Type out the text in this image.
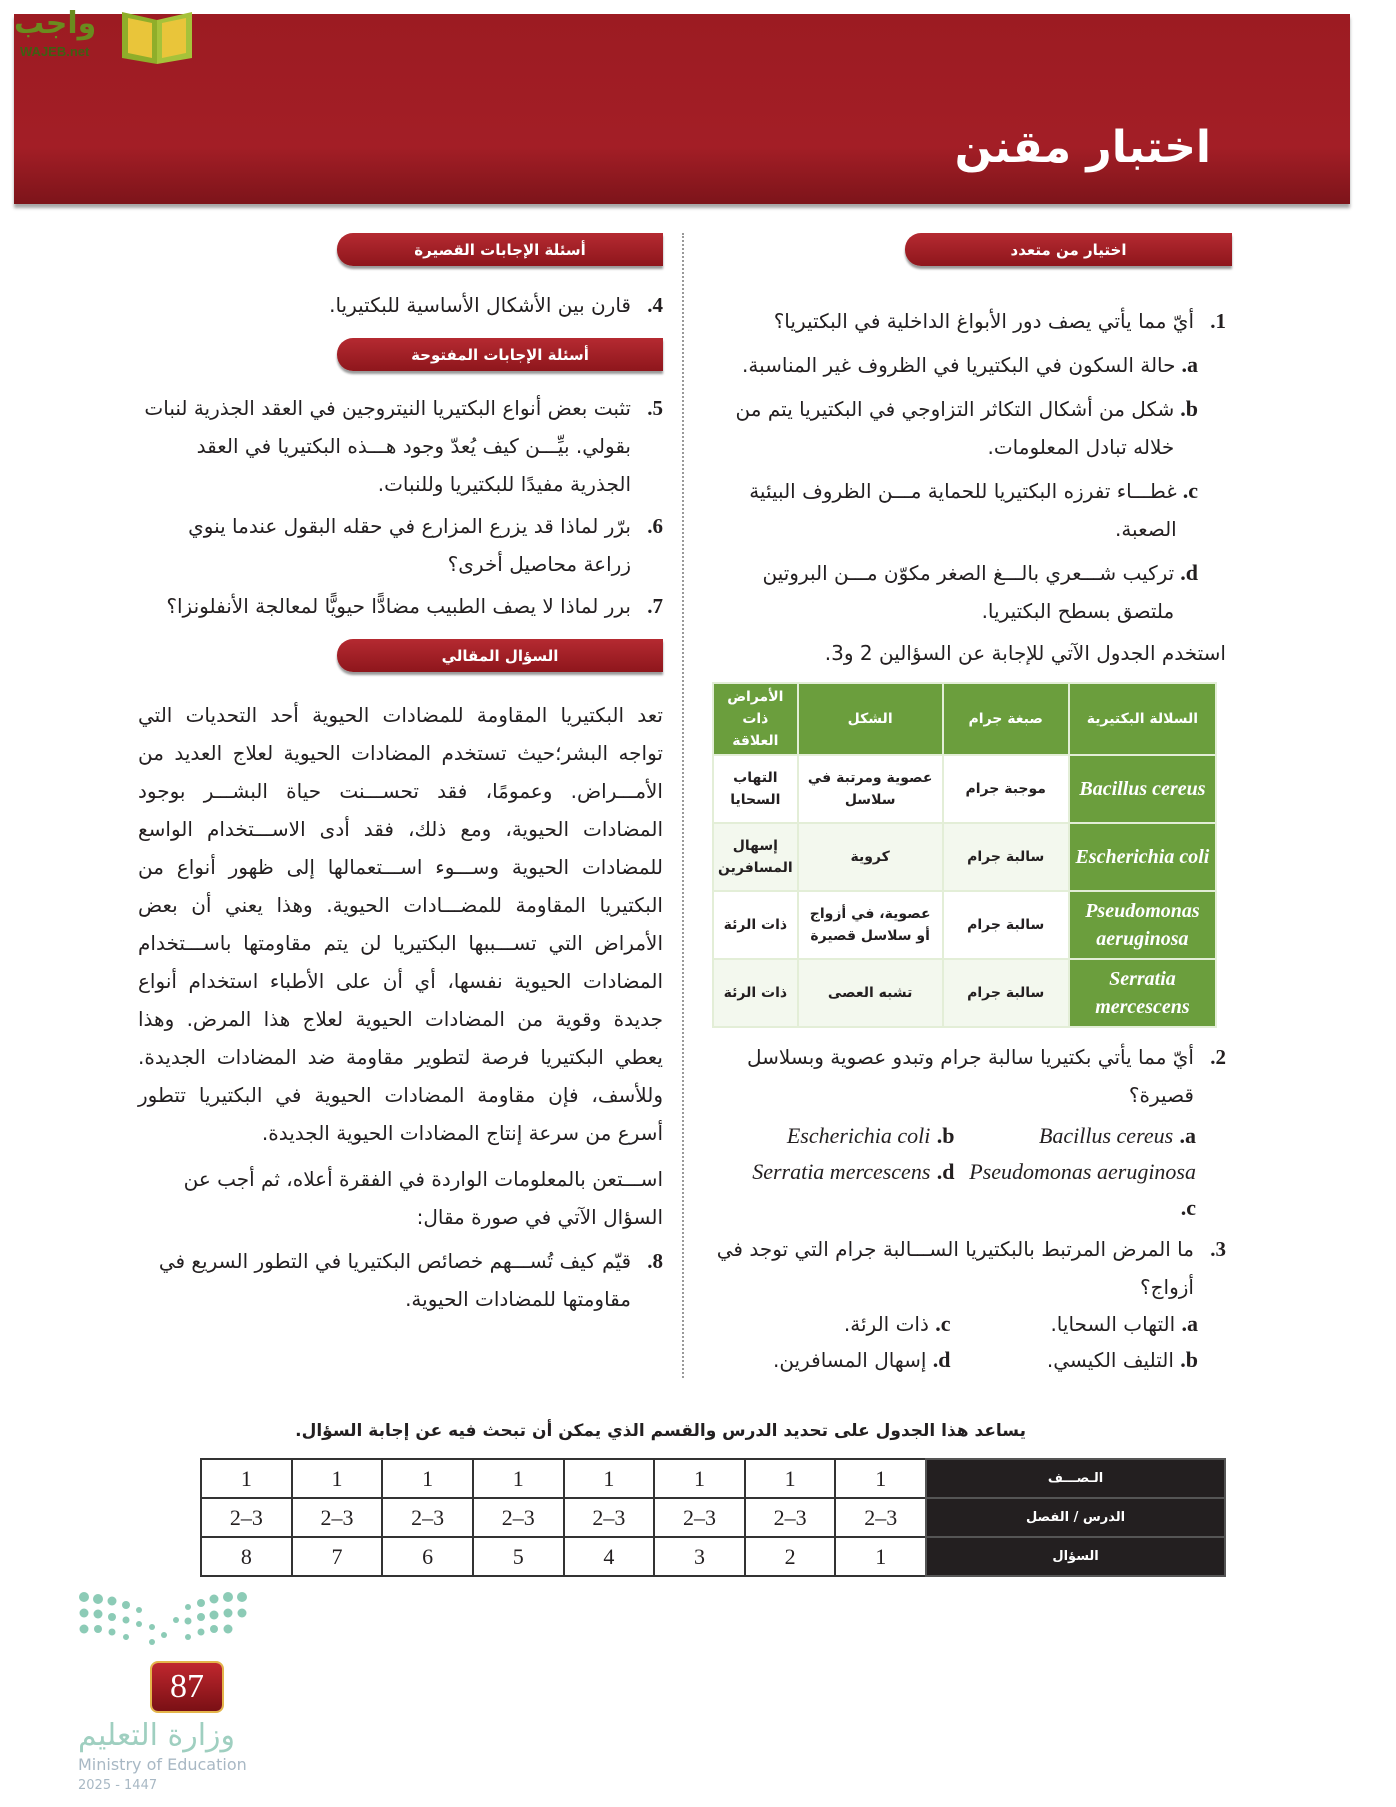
اختبار مقنن
واجب
WAJEB.net
اختيار من متعدد
1.
أيّ مما يأتي يصف دور الأبواغ الداخلية في البكتيريا؟
a.
حالة السكون في البكتيريا في الظروف غير المناسبة.
b.
شكل من أشكال التكاثر التزاوجي في البكتيريا يتم من خلاله تبادل المعلومات.
c.
غطـــاء تفرزه البكتيريا للحماية مـــن الظروف البيئية الصعبة.
d.
تركيب شـــعري بالـــغ الصغر مكوّن مـــن البروتين ملتصق بسطح البكتيريا.
استخدم الجدول الآتي للإجابة عن السؤالين 2 و3.
السلالة البكتيرية	صبغة جرام	الشكل	الأمراض ذات العلاقة
Bacillus cereus	موجبة جرام	عصوية ومرتبة في سلاسل	التهاب السحايا
Escherichia coli	سالبة جرام	كروية	إسهال المسافرين
Pseudomonas aeruginosa	سالبة جرام	عصوية، في أزواج أو سلاسل قصيرة	ذات الرئة
Serratia mercescens	سالبة جرام	تشبه العصى	ذات الرئة
2.
أيّ مما يأتي بكتيريا سالبة جرام وتبدو عصوية وبسلاسل قصيرة؟
Escherichia coli .b	Bacillus cereus .a
Serratia mercescens .d Pseudomonas aeruginosa .c
3.
ما المرض المرتبط بالبكتيريا الســـالبة جرام التي توجد في أزواج؟
a. التهاب السحايا.
c. ذات الرئة.
b. التليف الكيسي.
d. إسهال المسافرين.
أسئلة الإجابات القصيرة
4.
قارن بين الأشكال الأساسية للبكتيريا.
أسئلة الإجابات المفتوحة
5.
تثبت بعض أنواع البكتيريا النيتروجين في العقد الجذرية لنبات بقولي. بيِّـــن كيف يُعدّ وجود هـــذه البكتيريا في العقد الجذرية مفيدًا للبكتيريا وللنبات.
6.
برّر لماذا قد يزرع المزارع في حقله البقول عندما ينوي زراعة محاصيل أخرى؟
7.
برر لماذا لا يصف الطبيب مضادًّا حيويًّا لمعالجة الأنفلونزا؟
السؤال المقالي
تعد البكتيريا المقاومة للمضادات الحيوية أحد التحديات التي تواجه البشر؛حيث تستخدم المضادات الحيوية لعلاج العديد من الأمـــراض. وعمومًا، فقد تحســـنت حياة البشـــر بوجود المضادات الحيوية، ومع ذلك، فقد أدى الاســـتخدام الواسع للمضادات الحيوية وســـوء اســـتعمالها إلى ظهور أنواع من البكتيريا المقاومة للمضـــادات الحيوية. وهذا يعني أن بعض الأمراض التي تســـببها البكتيريا لن يتم مقاومتها باســـتخدام المضادات الحيوية نفسها، أي أن على الأطباء استخدام أنواع جديدة وقوية من المضادات الحيوية لعلاج هذا المرض. وهذا يعطي البكتيريا فرصة لتطوير مقاومة ضد المضادات الجديدة. وللأسف، فإن مقاومة المضادات الحيوية في البكتيريا تتطور أسرع من سرعة إنتاج المضادات الحيوية الجديدة.
اســـتعن بالمعلومات الواردة في الفقرة أعلاه، ثم أجب عن السؤال الآتي في صورة مقال:
8.
قيّم كيف تُســـهم خصائص البكتيريا في التطور السريع في مقاومتها للمضادات الحيوية.
يساعد هذا الجدول على تحديد الدرس والقسم الذي يمكن أن تبحث فيه عن إجابة السؤال.
الـصـــف	1	1	1	1	1	1	1	1
الدرس / الفصل	3–2	3–2	3–2	3–2	3–2	3–2	3–2	3–2
السؤال	1	2	3	4	5	6	7	8
وزارة التعليم
Ministry of Education
2025 - 1447
87
